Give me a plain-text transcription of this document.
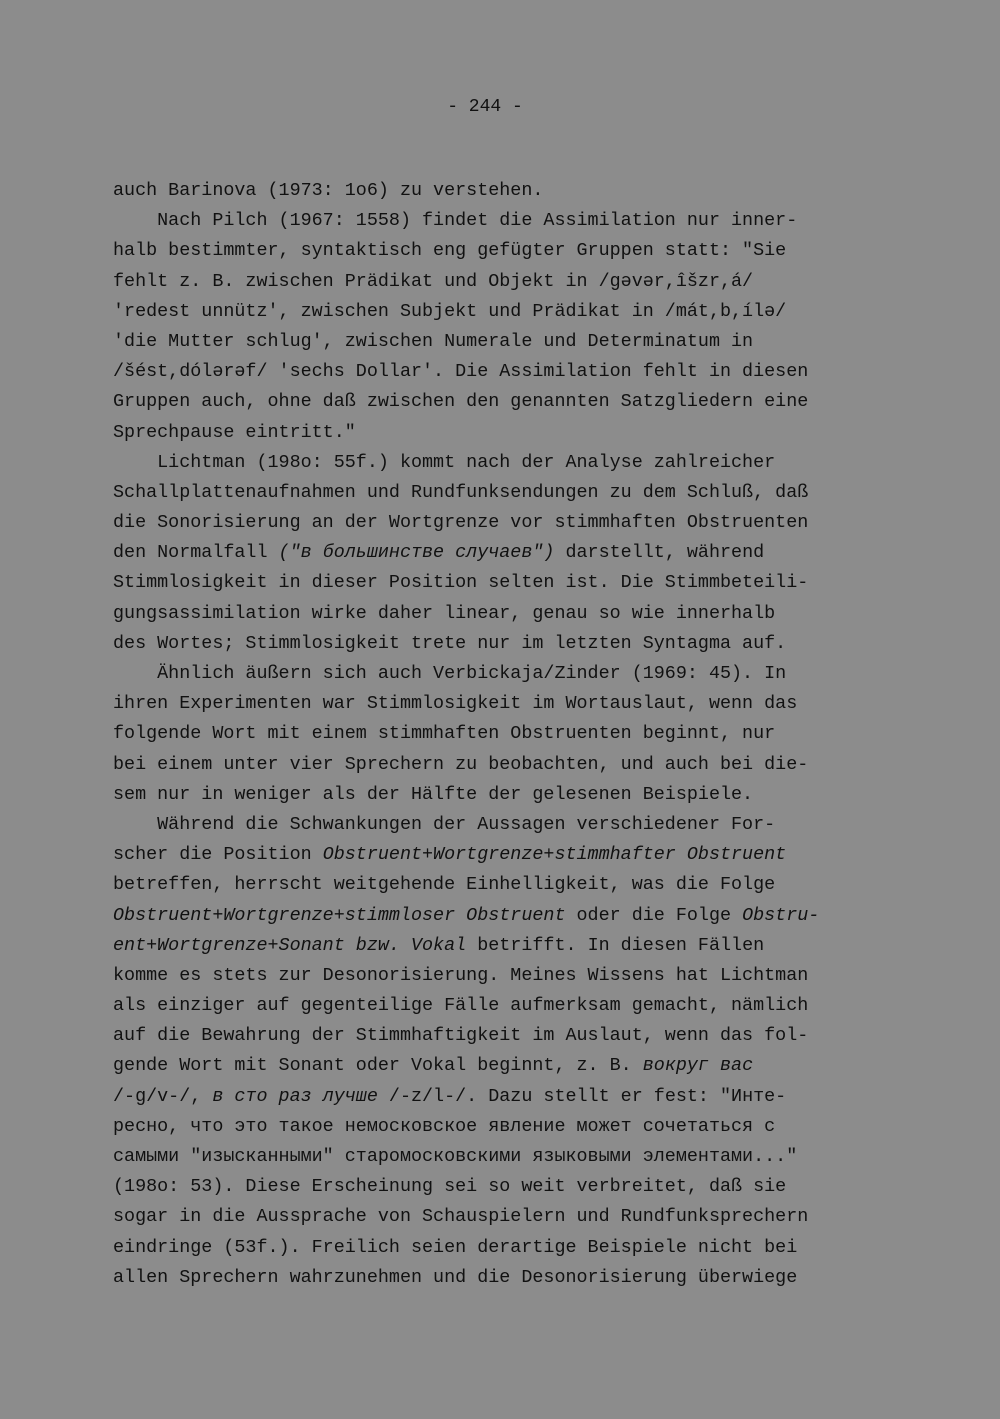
- 244 -
auch Barinova (1973: 1o6) zu verstehen.
Nach Pilch (1967: 1558) findet die Assimilation nur inner-
halb bestimmter, syntaktisch eng gefügter Gruppen statt: "Sie
fehlt z. B. zwischen Prädikat und Objekt in /gəvər,îšzr,á/
'redest unnütz', zwischen Subjekt und Prädikat in /mát,b,ílə/
'die Mutter schlug', zwischen Numerale und Determinatum in
/šést,dólərəf/ 'sechs Dollar'. Die Assimilation fehlt in diesen
Gruppen auch, ohne daß zwischen den genannten Satzgliedern eine
Sprechpause eintritt."
Lichtman (198o: 55f.) kommt nach der Analyse zahlreicher
Schallplattenaufnahmen und Rundfunksendungen zu dem Schluß, daß
die Sonorisierung an der Wortgrenze vor stimmhaften Obstruenten
den Normalfall ("в большинстве случаев") darstellt, während
Stimmlosigkeit in dieser Position selten ist. Die Stimmbeteili-
gungsassimilation wirke daher linear, genau so wie innerhalb
des Wortes; Stimmlosigkeit trete nur im letzten Syntagma auf.
Ähnlich äußern sich auch Verbickaja/Zinder (1969: 45). In
ihren Experimenten war Stimmlosigkeit im Wortauslaut, wenn das
folgende Wort mit einem stimmhaften Obstruenten beginnt, nur
bei einem unter vier Sprechern zu beobachten, und auch bei die-
sem nur in weniger als der Hälfte der gelesenen Beispiele.
Während die Schwankungen der Aussagen verschiedener For-
scher die Position Obstruent+Wortgrenze+stimmhafter Obstruent
betreffen, herrscht weitgehende Einhelligkeit, was die Folge
Obstruent+Wortgrenze+stimmloser Obstruent oder die Folge Obstru-
ent+Wortgrenze+Sonant bzw. Vokal betrifft. In diesen Fällen
komme es stets zur Desonorisierung. Meines Wissens hat Lichtman
als einziger auf gegenteilige Fälle aufmerksam gemacht, nämlich
auf die Bewahrung der Stimmhaftigkeit im Auslaut, wenn das fol-
gende Wort mit Sonant oder Vokal beginnt, z. B. вокруг вас
/-g/v-/, в сто раз лучше /-z/l-/. Dazu stellt er fest: "Инте-
ресно, что это такое немосковское явление может сочетаться с
самыми "изысканными" старомосковскими языковыми элементами..."
(198o: 53). Diese Erscheinung sei so weit verbreitet, daß sie
sogar in die Aussprache von Schauspielern und Rundfunksprechern
eindringe (53f.). Freilich seien derartige Beispiele nicht bei
allen Sprechern wahrzunehmen und die Desonorisierung überwiege
